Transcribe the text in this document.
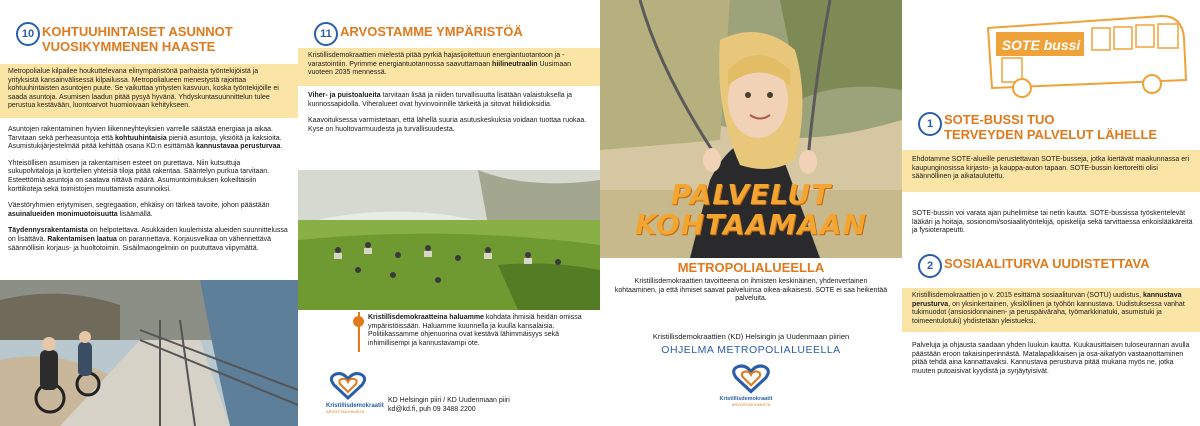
10 KOHTUUHINTAISET ASUNNOT
VUOSIKYMMENEN HAASTE

Metropolialue kilpailee houkuttelevana elinympäristönä parhaista työntekijöistä ja yrityksistä kansainvälisessä kilpailussa. Metropolialueen menestystä rajoittaa kohtuuhintaisten asuntojen puute. Se vaikuttaa yritysten kasvuun, koska työntekijöille ei saada asuntoja. Asumisen laadun pitää pysyä hyvänä. Yhdyskuntasuunnittelun tulee perustua kestävään, luontoarvot huomioivaan kehitykseen.

Asuntojen rakentaminen hyvien liikenneyhteyksien varrelle säästää energiaa ja aikaa. Tarvitaan sekä perheasuntoja että kohtuuhintaisia pieniä asuntoja, yksiöitä ja kaksioita. Asumistukijärjestelmää pitää kehittää osana KD:n esittämää kannustavaa perusturvaa.

Yhteisöllisen asumisen ja rakentamisen esteet on purettava. Niin kutsuttuja sukupolvitaloja ja korttelien yhteisiä tiloja pitää rakentaa. Sääntelyn purkua tarvitaan. Esteettömiä asuntoja on saatava riittävä määrä. Asumuntoimituksen kokeiltaisiin korttikoteja sekä toimistojen muuttamista asunnoiksi.

Väestöryhmien eriytymisen, segregaation, ehkäisy on tärkeä tavoite, johon päästään asuinalueiden monimuotoisuutta lisäämällä.

Täydennysrakentamista on helpotettava. Asukkaiden kuulemista alueiden suunnittelussa on lisättävä. Rakentamisen laatua on parannettava. Korjausvelkaa on vähennettävä säännöllisin korjaus- ja huoltotoimin. Sisäilmaongelmiin on puututtava viipymättä.

11 ARVOSTAMME YMPÄRISTÖÄ

Kristillisdemokraattien mielestä pitää pyrkiä hajasijoitettuun energiantuotantoon ja -varastointiin. Pyrimme energiantuotannossa saavuttamaan hiilineutraalin Uusimaan vuoteen 2035 mennessä.

Viher- ja puistoalueita tarvitaan lisää ja niiden turvallisuutta lisätään valaistuksella ja kunnossapidolla. Viheralueet ovat hyvinvoinnille tärkeitä ja sitovat hiilidioksidia.

Kaavoituksessa varmistetaan, että lähellä suuria asutuskeskuksia voidaan tuottaa ruokaa. Kyse on huoltovarmuudesta ja turvallisuudesta.

Kristillisdemokraatteina haluamme kohdata ihmisiä heidän omissa ympäristöissään. Haluamme kuunnella ja kuulla kansalaisia. Politiikassamme ohjenuorina ovat kestävä lähimmäisyys sekä inhimillisempi ja kannustavampi ote.

Kristillisdemokraatit
ARVOSTAA IHMISTÄ
KD Helsingin piiri / KD Uudenmaan piiri
kd@kd.fi, puh 09 3488 2200
PALVELUT
KOHTAAMAAN
METROPOLIALUEELLA

Kristillisdemokraattien tavoitteena on ihmisten keskinäinen, yhdenvertainen kohtaaminen, ja että ihmiset saavat palveluinsa oikea-aikaisesti. SOTE ei saa heikentää palveluita.

Kristillisdemokraattien (KD) Helsingin ja Uudenmaan piirien
OHJELMA METROPOLIALUEELLA
Kristillisdemokraatit
ARVOSTAA IHMISTÄ
SOTE bussi
1 SOTE-BUSSI TUO
TERVEYDEN PALVELUT LÄHELLE

Ehdotamme SOTE-alueille perustettavan SOTE-busseja, jotka kiertävät maakunnassa eri kaupunginosissa kirjasto- ja kauppa-auton tapaan. SOTE-bussin kiertoreitti olisi säännöllinen ja aikataulutettu.

SOTE-bussin voi varata ajan puhelimitse tai netin kautta. SOTE-bussissa työskentelevät lääkäri ja hoitaja, sosionomi/sosiaalityöntekijä, opiskelija sekä tarvittaessa erikoislääkäreitä ja fysioterapeutti.

2 SOSIAALITURVA UUDISTETTAVA

Kristillisdemokraattien jo v. 2015 esittämä sosiaaliturvan (SOTU) uudistus, kannustava perusturva, on yksinkertainen, yksilöllinen ja työhön kannustava. Uudistuksessa vanhat tukimuodot (ansiosidonnainen- ja peruspäiväraha, työmarkkinatuki, asumistuki ja toimeentulotuki) yhdistetään yleistueksi.

Palveluja ja ohjausta saadaan yhden luukun kautta. Kuukausittaisen tuloseurannan avulla päästään eroon takaisinperinnästä. Matalapalkkaisen ja osa-aikatyön vastaanottaminen pitää tehdä aina kannattavaksi. Kannustava perusturva pitää mukana myös ne, jotka muuten putoaisivat kyydistä ja syrjäytyisivät.
